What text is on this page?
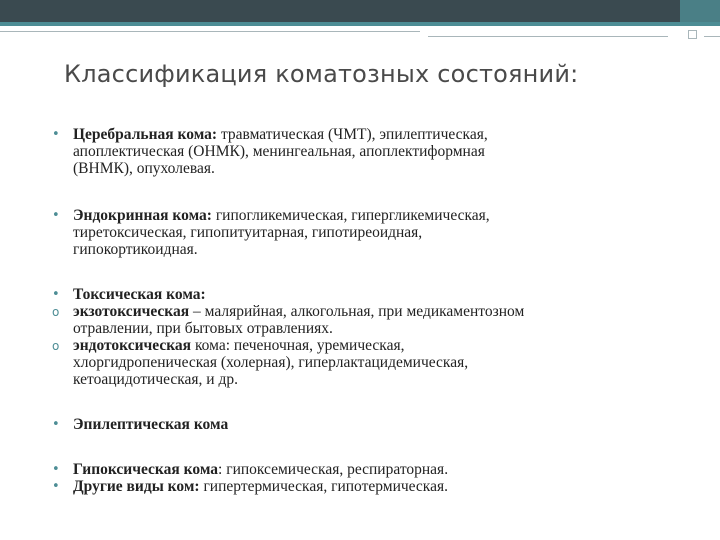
Классификация коматозных состояний:
• Церебральная кома: травматическая (ЧМТ), эпилептическая,
апоплектическая (ОНМК), менингеальная, апоплектиформная
(ВНМК), опухолевая.
• Эндокринная кома: гипогликемическая, гипергликемическая,
тиретоксическая, гипопитуитарная, гипотиреоидная,
гипокортикоидная.
• Токсическая кома:
o экзотоксическая – малярийная, алкогольная, при медикаментозном
отравлении, при бытовых отравлениях.
o эндотоксическая кома: печеночная, уремическая,
хлоргидропеническая (холерная), гиперлактацидемическая,
кетоацидотическая, и др.
• Эпилептическая кома
• Гипоксическая кома: гипоксемическая, респираторная.
• Другие виды ком: гипертермическая, гипотермическая.
